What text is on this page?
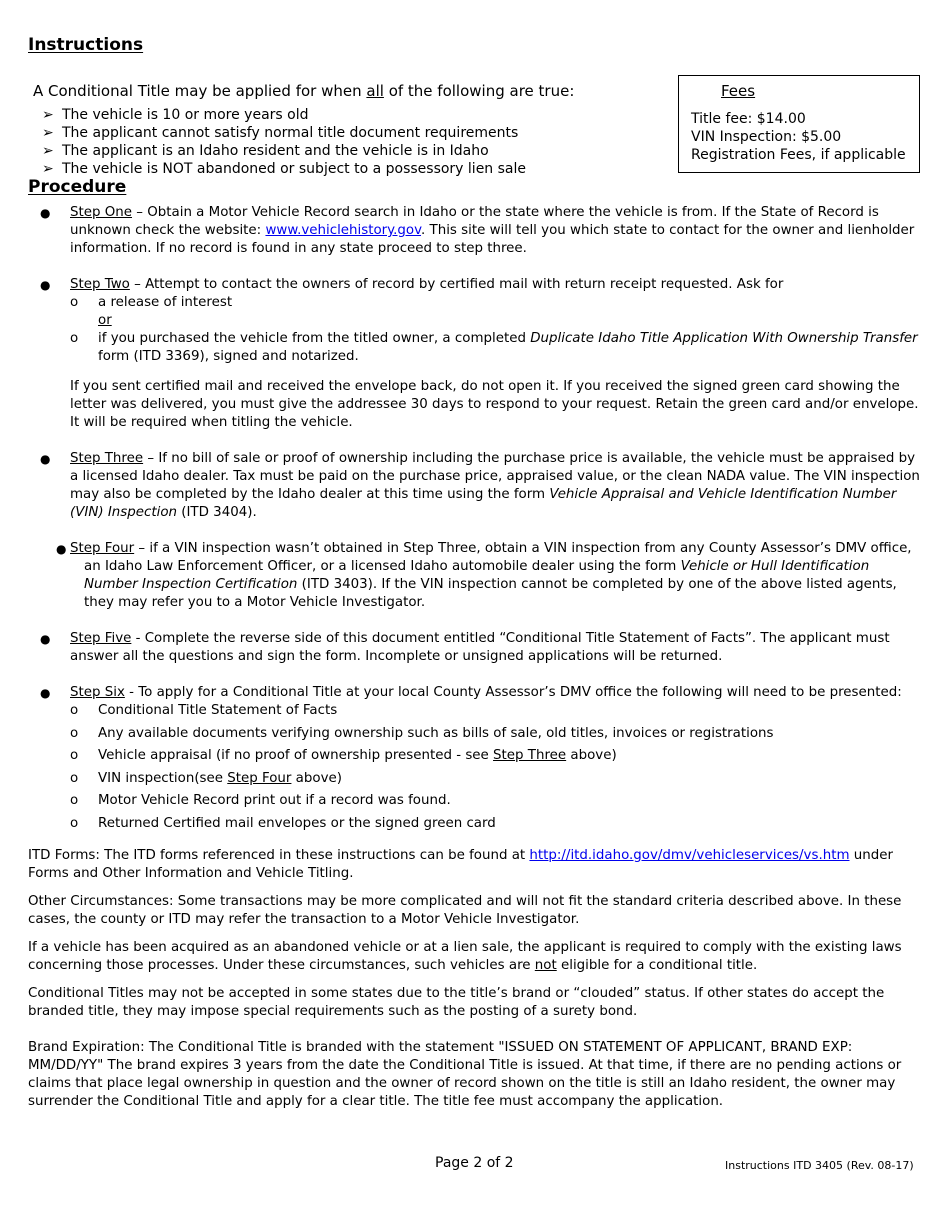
Instructions
A Conditional Title may be applied for when all of the following are true:
➢ The vehicle is 10 or more years old
➢ The applicant cannot satisfy normal title document requirements
➢ The applicant is an Idaho resident and the vehicle is in Idaho
➢ The vehicle is NOT abandoned or subject to a possessory lien sale
Fees
Title fee: $14.00
VIN Inspection: $5.00
Registration Fees, if applicable
Procedure
● Step One – Obtain a Motor Vehicle Record search in Idaho or the state where the vehicle is from. If the State of Record is unknown check the website: www.vehiclehistory.gov. This site will tell you which state to contact for the owner and lienholder information. If no record is found in any state proceed to step three.
● Step Two – Attempt to contact the owners of record by certified mail with return receipt requested. Ask for
o a release of interest
or
o if you purchased the vehicle from the titled owner, a completed Duplicate Idaho Title Application With Ownership Transfer form (ITD 3369), signed and notarized.
If you sent certified mail and received the envelope back, do not open it. If you received the signed green card showing the letter was delivered, you must give the addressee 30 days to respond to your request. Retain the green card and/or envelope. It will be required when titling the vehicle.
● Step Three – If no bill of sale or proof of ownership including the purchase price is available, the vehicle must be appraised by a licensed Idaho dealer. Tax must be paid on the purchase price, appraised value, or the clean NADA value. The VIN inspection may also be completed by the Idaho dealer at this time using the form Vehicle Appraisal and Vehicle Identification Number (VIN) Inspection (ITD 3404).
● Step Four – if a VIN inspection wasn’t obtained in Step Three, obtain a VIN inspection from any County Assessor’s DMV office, an Idaho Law Enforcement Officer, or a licensed Idaho automobile dealer using the form Vehicle or Hull Identification Number Inspection Certification (ITD 3403). If the VIN inspection cannot be completed by one of the above listed agents, they may refer you to a Motor Vehicle Investigator.
● Step Five - Complete the reverse side of this document entitled “Conditional Title Statement of Facts”. The applicant must answer all the questions and sign the form. Incomplete or unsigned applications will be returned.
● Step Six - To apply for a Conditional Title at your local County Assessor’s DMV office the following will need to be presented:
o Conditional Title Statement of Facts
o Any available documents verifying ownership such as bills of sale, old titles, invoices or registrations
o Vehicle appraisal (if no proof of ownership presented - see Step Three above)
o VIN inspection(see Step Four above)
o Motor Vehicle Record print out if a record was found.
o Returned Certified mail envelopes or the signed green card
ITD Forms: The ITD forms referenced in these instructions can be found at http://itd.idaho.gov/dmv/vehicleservices/vs.htm under Forms and Other Information and Vehicle Titling.
Other Circumstances: Some transactions may be more complicated and will not fit the standard criteria described above. In these cases, the county or ITD may refer the transaction to a Motor Vehicle Investigator.
If a vehicle has been acquired as an abandoned vehicle or at a lien sale, the applicant is required to comply with the existing laws concerning those processes. Under these circumstances, such vehicles are not eligible for a conditional title.
Conditional Titles may not be accepted in some states due to the title’s brand or “clouded” status. If other states do accept the branded title, they may impose special requirements such as the posting of a surety bond.
Brand Expiration: The Conditional Title is branded with the statement "ISSUED ON STATEMENT OF APPLICANT, BRAND EXP: MM/DD/YY" The brand expires 3 years from the date the Conditional Title is issued. At that time, if there are no pending actions or claims that place legal ownership in question and the owner of record shown on the title is still an Idaho resident, the owner may surrender the Conditional Title and apply for a clear title. The title fee must accompany the application.
Page 2 of 2	Instructions ITD 3405 (Rev. 08-17)
